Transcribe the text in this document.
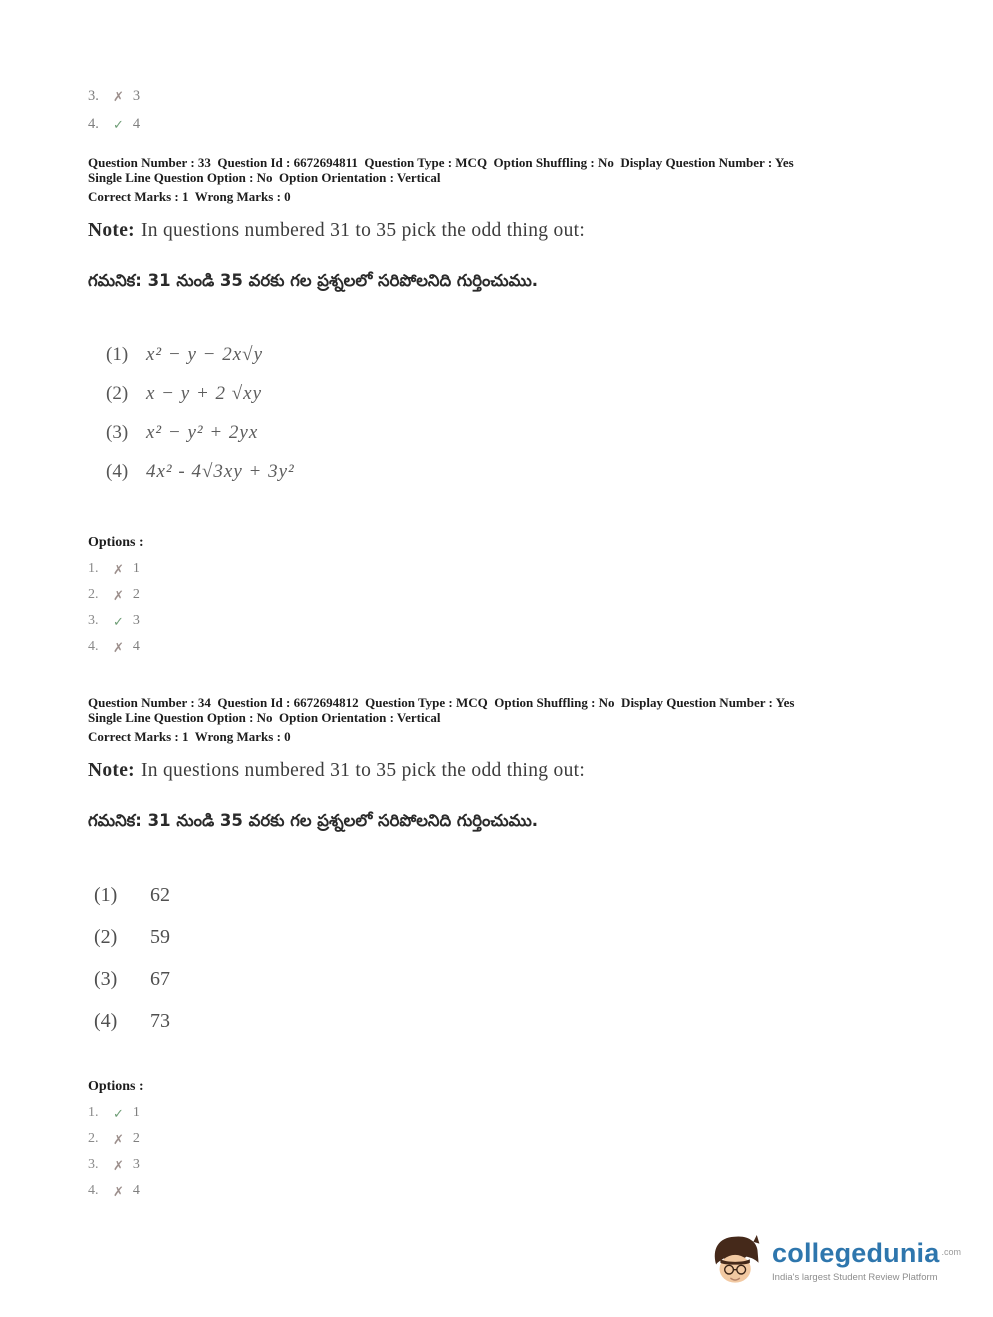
3.	✗ 3
4.	✓ 4
Question Number : 33  Question Id : 6672694811  Question Type : MCQ  Option Shuffling : No  Display Question Number : Yes
Single Line Question Option : No  Option Orientation : Vertical
Correct Marks : 1  Wrong Marks : 0
Note: In questions numbered 31 to 35 pick the odd thing out:
గమనిక: 31 నుండి 35 వరకు గల ప్రశ్నలలో సరిపోలనిది గుర్తించుము.
(1) x² − y − 2x√y
(2) x − y + 2 √xy
(3) x² − y² + 2yx
(4) 4x² - 4√3xy + 3y²
Options :
1.	✗ 1
2.	✗ 2
3.	✓ 3
4.	✗ 4
Question Number : 34  Question Id : 6672694812  Question Type : MCQ  Option Shuffling : No  Display Question Number : Yes
Single Line Question Option : No  Option Orientation : Vertical
Correct Marks : 1  Wrong Marks : 0
Note: In questions numbered 31 to 35 pick the odd thing out:
గమనిక: 31 నుండి 35 వరకు గల ప్రశ్నలలో సరిపోలనిది గుర్తించుము.
(1)	62
(2)	59
(3)	67
(4)	73
Options :
1.	✓ 1
2.	✗ 2
3.	✗ 3
4.	✗ 4
collegedunia $^{.com}$
India's largest Student Review Platform
